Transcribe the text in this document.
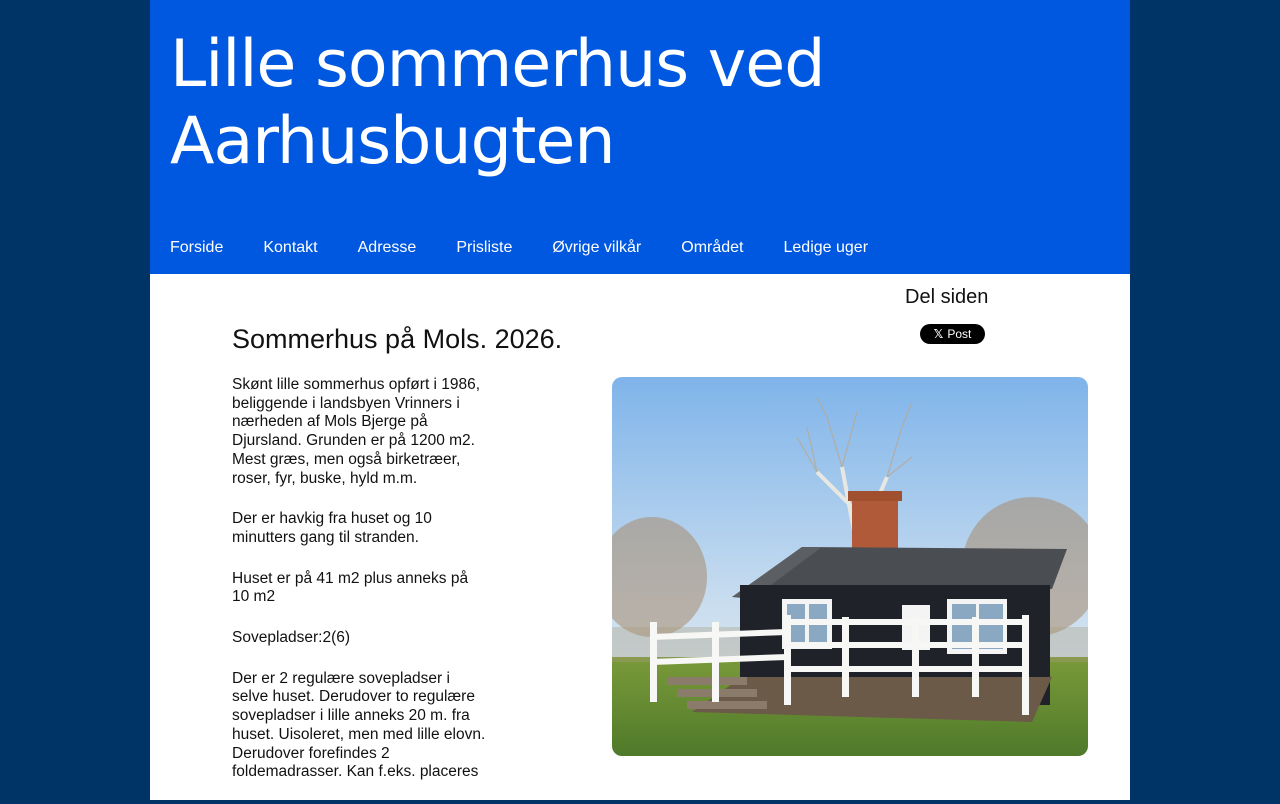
Lille sommerhus ved
Aarhusbugten
Forside	Kontakt	Adresse	Prisliste	Øvrige vilkår	Området	Ledige uger
Del siden
𝕏 Post
Sommerhus på Mols. 2026.

Skønt lille sommerhus opført i 1986, beliggende i landsbyen Vrinners i nærheden af Mols Bjerge på Djursland. Grunden er på 1200 m2. Mest græs, men også birketræer, roser, fyr, buske, hyld m.m.

Der er havkig fra huset og 10 minutters gang til stranden.

Huset er på 41 m2 plus anneks på 10 m2

Sovepladser:2(6)

Der er 2 regulære sovepladser i selve huset. Derudover to regulære sovepladser i lille anneks 20 m. fra huset. Uisoleret, men med lille elovn. Derudover forefindes 2 foldemadrasser. Kan f.eks. placeres
